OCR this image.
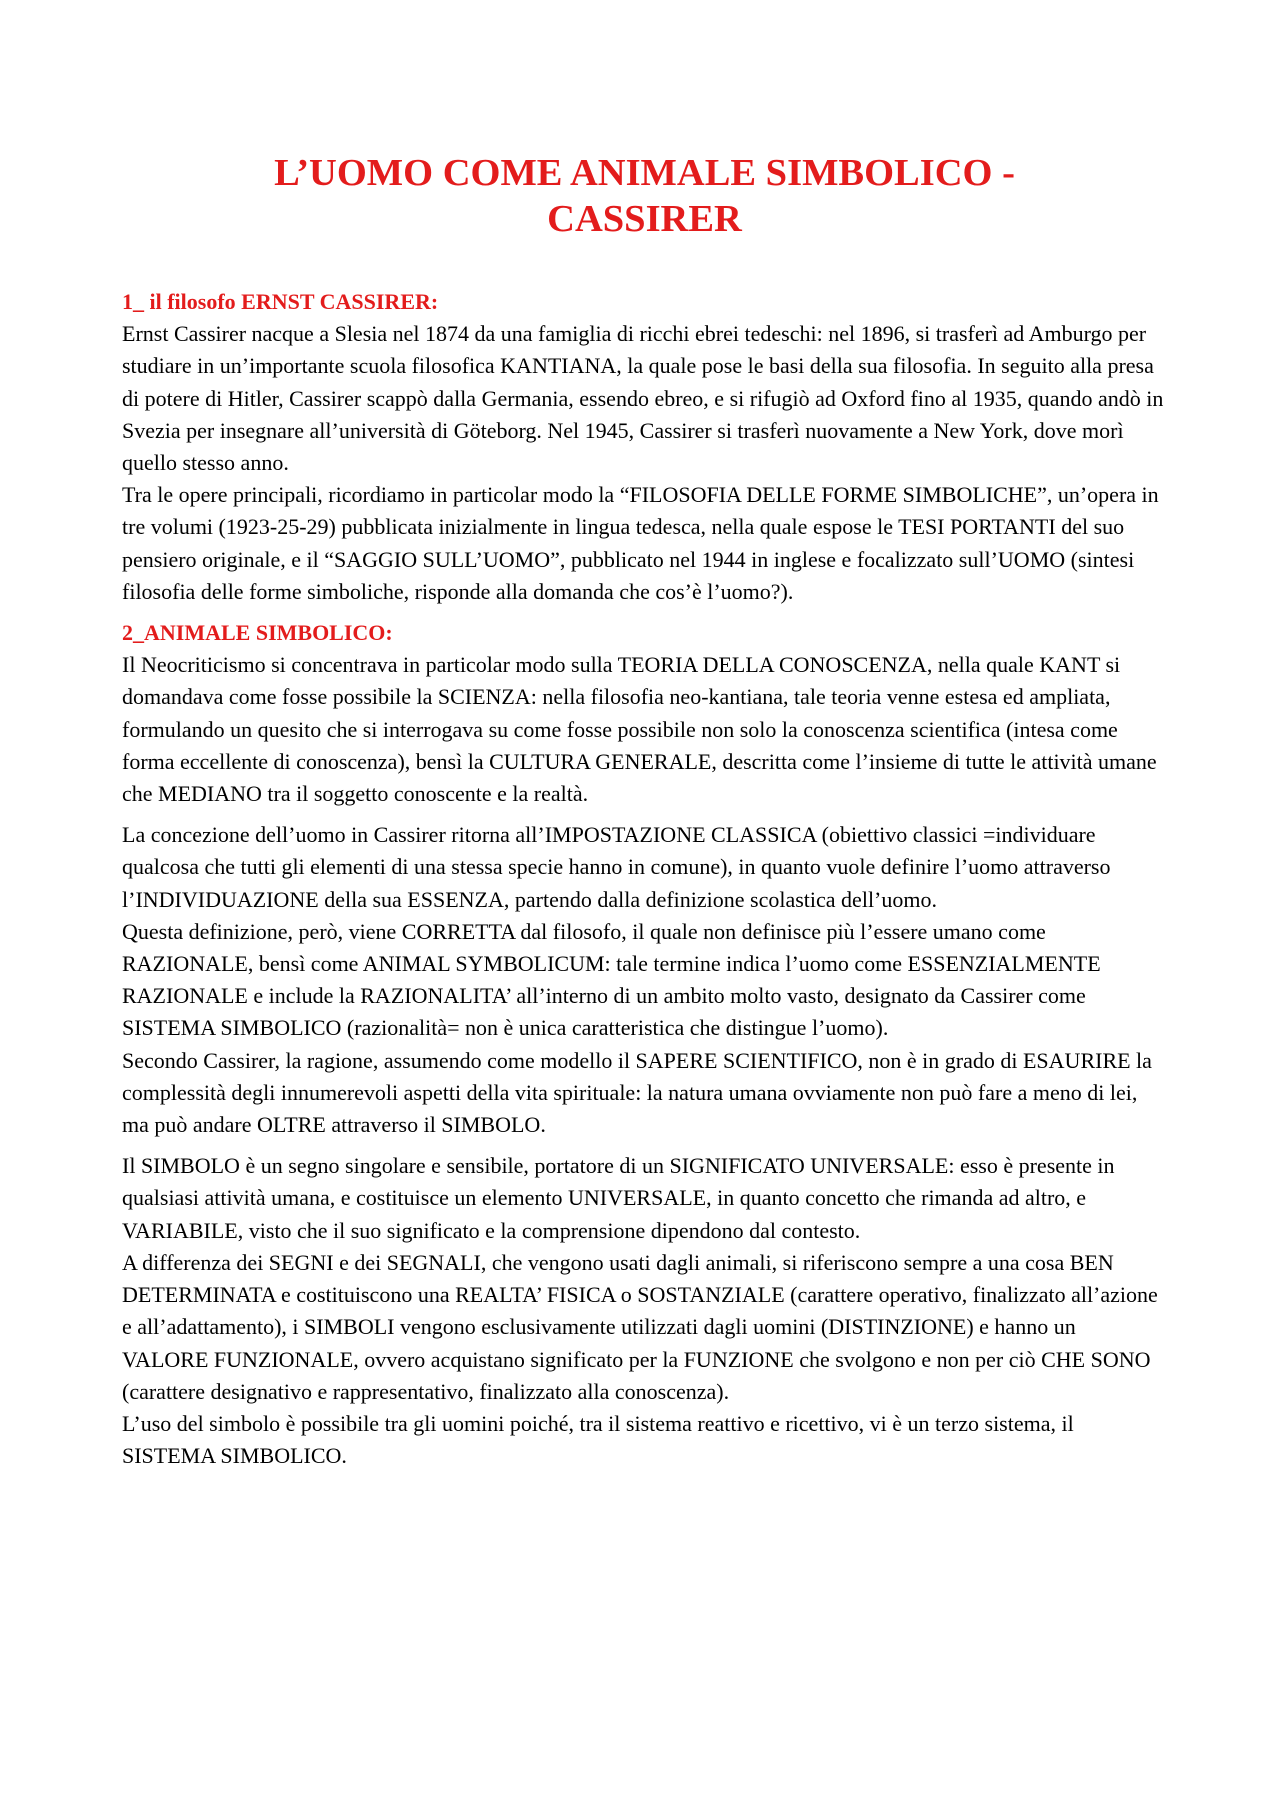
L’UOMO COME ANIMALE SIMBOLICO -
CASSIRER
1_ il filosofo ERNST CASSIRER:

Ernst Cassirer nacque a Slesia nel 1874 da una famiglia di ricchi ebrei tedeschi: nel 1896, si trasferì ad Amburgo per studiare in un’importante scuola filosofica KANTIANA, la quale pose le basi della sua filosofia. In seguito alla presa di potere di Hitler, Cassirer scappò dalla Germania, essendo ebreo, e si rifugiò ad Oxford fino al 1935, quando andò in Svezia per insegnare all’università di Göteborg. Nel 1945, Cassirer si trasferì nuovamente a New York, dove morì quello stesso anno.

Tra le opere principali, ricordiamo in particolar modo la “FILOSOFIA DELLE FORME SIMBOLICHE”, un’opera in tre volumi (1923-25-29) pubblicata inizialmente in lingua tedesca, nella quale espose le TESI PORTANTI del suo pensiero originale, e il “SAGGIO SULL’UOMO”, pubblicato nel 1944 in inglese e focalizzato sull’UOMO (sintesi filosofia delle forme simboliche, risponde alla domanda che cos’è l’uomo?).

2_ANIMALE SIMBOLICO:

Il Neocriticismo si concentrava in particolar modo sulla TEORIA DELLA CONOSCENZA, nella quale KANT si domandava come fosse possibile la SCIENZA: nella filosofia neo-kantiana, tale teoria venne estesa ed ampliata, formulando un quesito che si interrogava su come fosse possibile non solo la conoscenza scientifica (intesa come forma eccellente di conoscenza), bensì la CULTURA GENERALE, descritta come l’insieme di tutte le attività umane che MEDIANO tra il soggetto conoscente e la realtà.

La concezione dell’uomo in Cassirer ritorna all’IMPOSTAZIONE CLASSICA (obiettivo classici =individuare qualcosa che tutti gli elementi di una stessa specie hanno in comune), in quanto vuole definire l’uomo attraverso l’INDIVIDUAZIONE della sua ESSENZA, partendo dalla definizione scolastica dell’uomo.

Questa definizione, però, viene CORRETTA dal filosofo, il quale non definisce più l’essere umano come RAZIONALE, bensì come ANIMAL SYMBOLICUM: tale termine indica l’uomo come ESSENZIALMENTE RAZIONALE e include la RAZIONALITA’ all’interno di un ambito molto vasto, designato da Cassirer come SISTEMA SIMBOLICO (razionalità= non è unica caratteristica che distingue l’uomo).

Secondo Cassirer, la ragione, assumendo come modello il SAPERE SCIENTIFICO, non è in grado di ESAURIRE la complessità degli innumerevoli aspetti della vita spirituale: la natura umana ovviamente non può fare a meno di lei, ma può andare OLTRE attraverso il SIMBOLO.

Il SIMBOLO è un segno singolare e sensibile, portatore di un SIGNIFICATO UNIVERSALE: esso è presente in qualsiasi attività umana, e costituisce un elemento UNIVERSALE, in quanto concetto che rimanda ad altro, e VARIABILE, visto che il suo significato e la comprensione dipendono dal contesto.

A differenza dei SEGNI e dei SEGNALI, che vengono usati dagli animali, si riferiscono sempre a una cosa BEN DETERMINATA e costituiscono una REALTA’ FISICA o SOSTANZIALE (carattere operativo, finalizzato all’azione e all’adattamento), i SIMBOLI vengono esclusivamente utilizzati dagli uomini (DISTINZIONE) e hanno un VALORE FUNZIONALE, ovvero acquistano significato per la FUNZIONE che svolgono e non per ciò CHE SONO (carattere designativo e rappresentativo, finalizzato alla conoscenza).

L’uso del simbolo è possibile tra gli uomini poiché, tra il sistema reattivo e ricettivo, vi è un terzo sistema, il SISTEMA SIMBOLICO.
